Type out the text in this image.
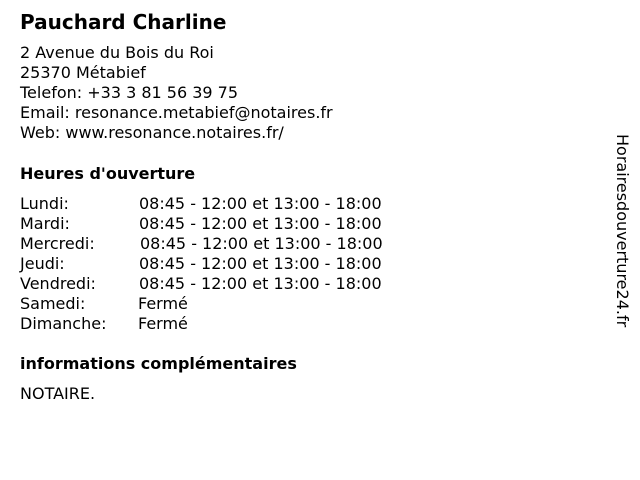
Pauchard Charline
2 Avenue du Bois du Roi
25370 Métabief
Telefon: +33 3 81 56 39 75
Email: resonance.metabief@notaires.fr
Web: www.resonance.notaires.fr/
Heures d'ouverture
Lundi:	08:45 - 12:00 et 13:00 - 18:00
Mardi:	08:45 - 12:00 et 13:00 - 18:00
Mercredi:	08:45 - 12:00 et 13:00 - 18:00
Jeudi:	08:45 - 12:00 et 13:00 - 18:00
Vendredi:	08:45 - 12:00 et 13:00 - 18:00
Samedi:	Fermé
Dimanche: Fermé
informations complémentaires
NOTAIRE.
Horairesdouverture24.fr
